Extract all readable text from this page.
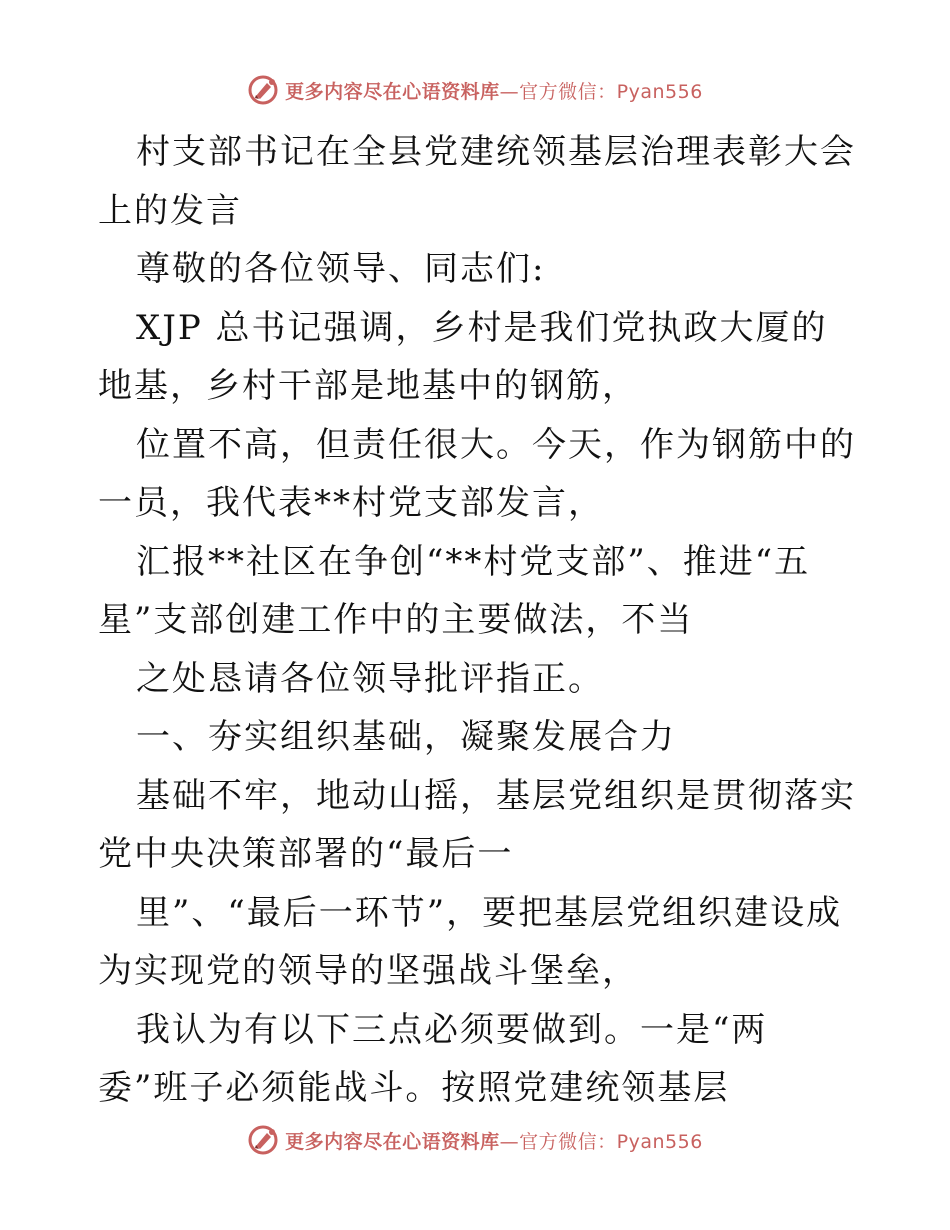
更多内容尽在心语资料库—官方微信：Pyan556

村支部书记在全县党建统领基层治理表彰大会上的发言

尊敬的各位领导、同志们:

XJP 总书记强调，乡村是我们党执政大厦的地基，乡村干部是地基中的钢筋，

位置不高，但责任很大。今天，作为钢筋中的一员，我代表**村党支部发言，

汇报**社区在争创“**村党支部”、推进“五星”支部创建工作中的主要做法，不当

之处恳请各位领导批评指正。

一、夯实组织基础，凝聚发展合力

基础不牢，地动山摇，基层党组织是贯彻落实党中央决策部署的“最后一

里”、“最后一环节”，要把基层党组织建设成为实现党的领导的坚强战斗堡垒，

我认为有以下三点必须要做到。一是“两委”班子必须能战斗。按照党建统领基层

更多内容尽在心语资料库—官方微信：Pyan556
